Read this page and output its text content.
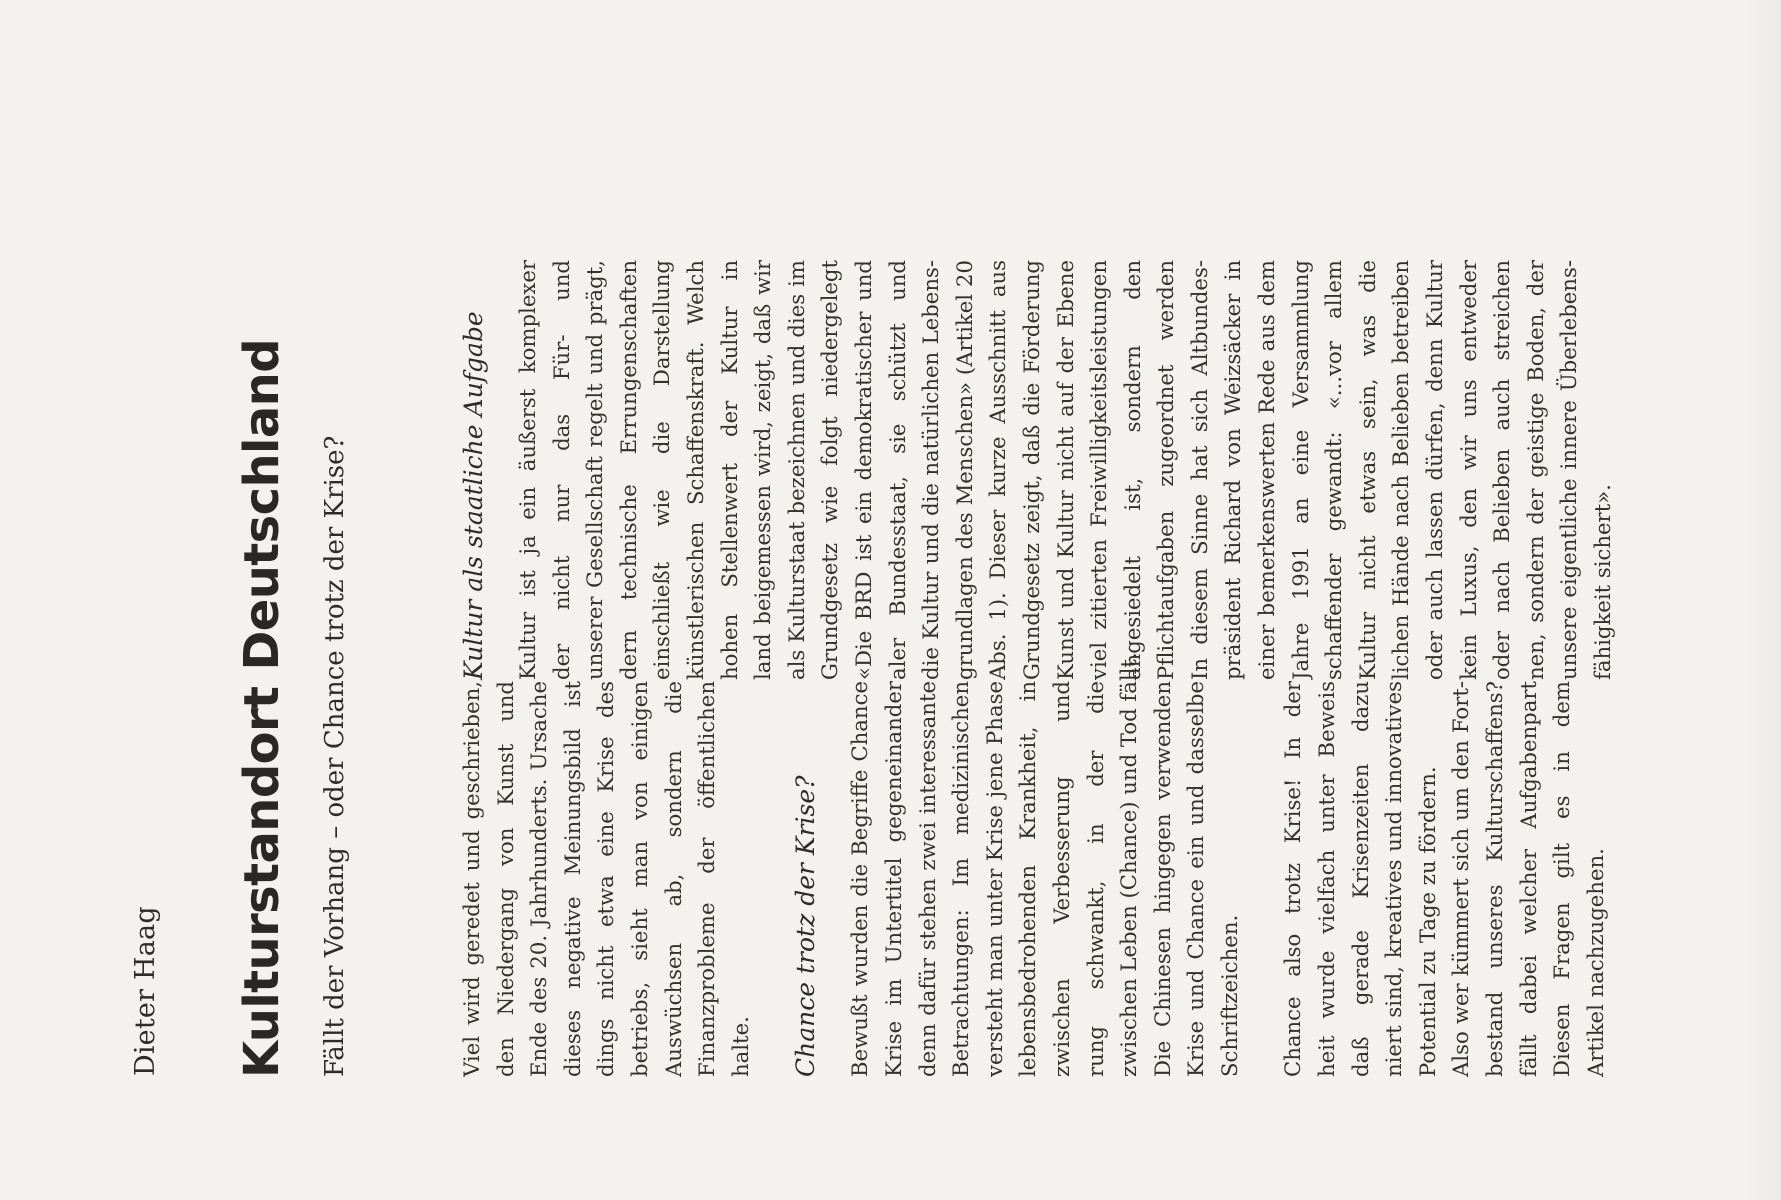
Dieter Haag Kulturstandort Deutschland Fällt der Vorhang – oder Chance trotz der Krise?	Viel wird geredet und geschrieben,
den Niedergang von Kunst und
Ende des 20. Jahrhunderts. Ursache
dieses negative Meinungsbild ist
dings nicht etwa eine Krise des
betriebs, sieht man von einigen
Auswüchsen ab, sondern die
Finanzprobleme der öffentlichen
halte. Chance trotz der Krise? Bewußt wurden die Begriffe Chance
Krise im Untertitel gegeneinander denn dafür stehen zwei interessante Betrachtungen: Im medizinischen
versteht man unter Krise jene Phase
lebensbedrohenden Krankheit, in
zwischen Verbesserung und
rung schwankt, in der die zwischen Leben (Chance) und Tod fällt. Die Chinesen hingegen verwenden Krise und Chance ein und dasselbe Schriftzeichen. Chance also trotz Krise! In der
heit wurde vielfach unter Beweis
daß gerade Krisenzeiten dazu niert sind, kreatives und innovatives Potential zu Tage zu fördern. Also wer kümmert sich um den Fort- bestand unseres Kulturschaffens?
fällt dabei welcher Aufgabenpart
Diesen Fragen gilt es in dem
Artikel nachzugehen.
Kultur als staatliche Aufgabe Kultur ist ja ein äußerst komplexer
der nicht nur das Für- und
unserer Gesellschaft regelt und prägt,
dern technische Errungenschaften
einschließt wie die Darstellung künstlerischen Schaffenskraft. Welch hohen Stellenwert der Kultur in
land beigemessen wird, zeigt, daß wir als Kulturstaat bezeichnen und dies im Grundgesetz wie folgt niedergelegt
«Die BRD ist ein demokratischer und
aler Bundesstaat, sie schützt und die Kultur und die natürlichen Lebens- grundlagen des Menschen» (Artikel 20 Abs. 1). Dieser kurze Ausschnitt aus
Grundgesetz zeigt, daß die Förderung
Kunst und Kultur nicht auf der Ebene viel zitierten Freiwilligkeitsleistungen angesiedelt ist, sondern den
Pflichtaufgaben zugeordnet werden In diesem Sinne hat sich Altbundes- präsident Richard von Weizsäcker in einer bemerkenswerten Rede aus dem Jahre 1991 an eine Versammlung
schaffender gewandt: «...vor allem
Kultur nicht etwas sein, was die lichen Hände nach Belieben betreiben oder auch lassen dürfen, denn Kultur
kein Luxus, den wir uns entweder
oder nach Belieben auch streichen nen, sondern der geistige Boden, der unsere eigentliche innere Überlebens- fähigkeit sichert».
